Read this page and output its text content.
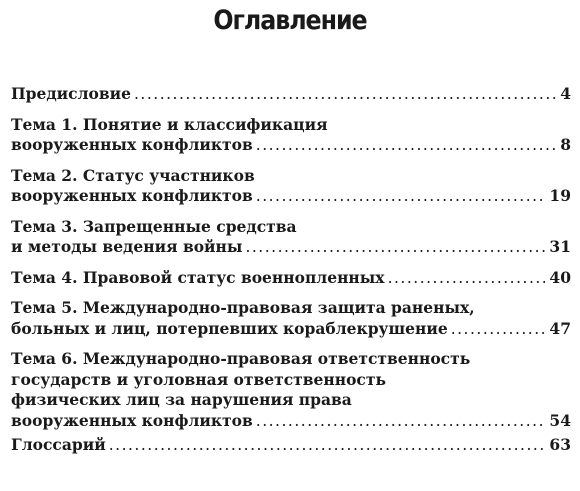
Оглавление
Предисловие .....	4
Тема 1. Понятие и классификация
вооруженных конфликтов .....	8
Тема 2. Статус участников
вооруженных конфликтов .....	19
Тема 3. Запрещенные средства
и методы ведения войны .....	31
Тема 4. Правовой статус военнопленных .....	40
Тема 5. Международно-правовая защита раненых,
больных и лиц, потерпевших кораблекрушение .....	47
Тема 6. Международно-правовая ответственность
государств и уголовная ответственность
физических лиц за нарушения права
вооруженных конфликтов .....	54
Глоссарий .....	63
